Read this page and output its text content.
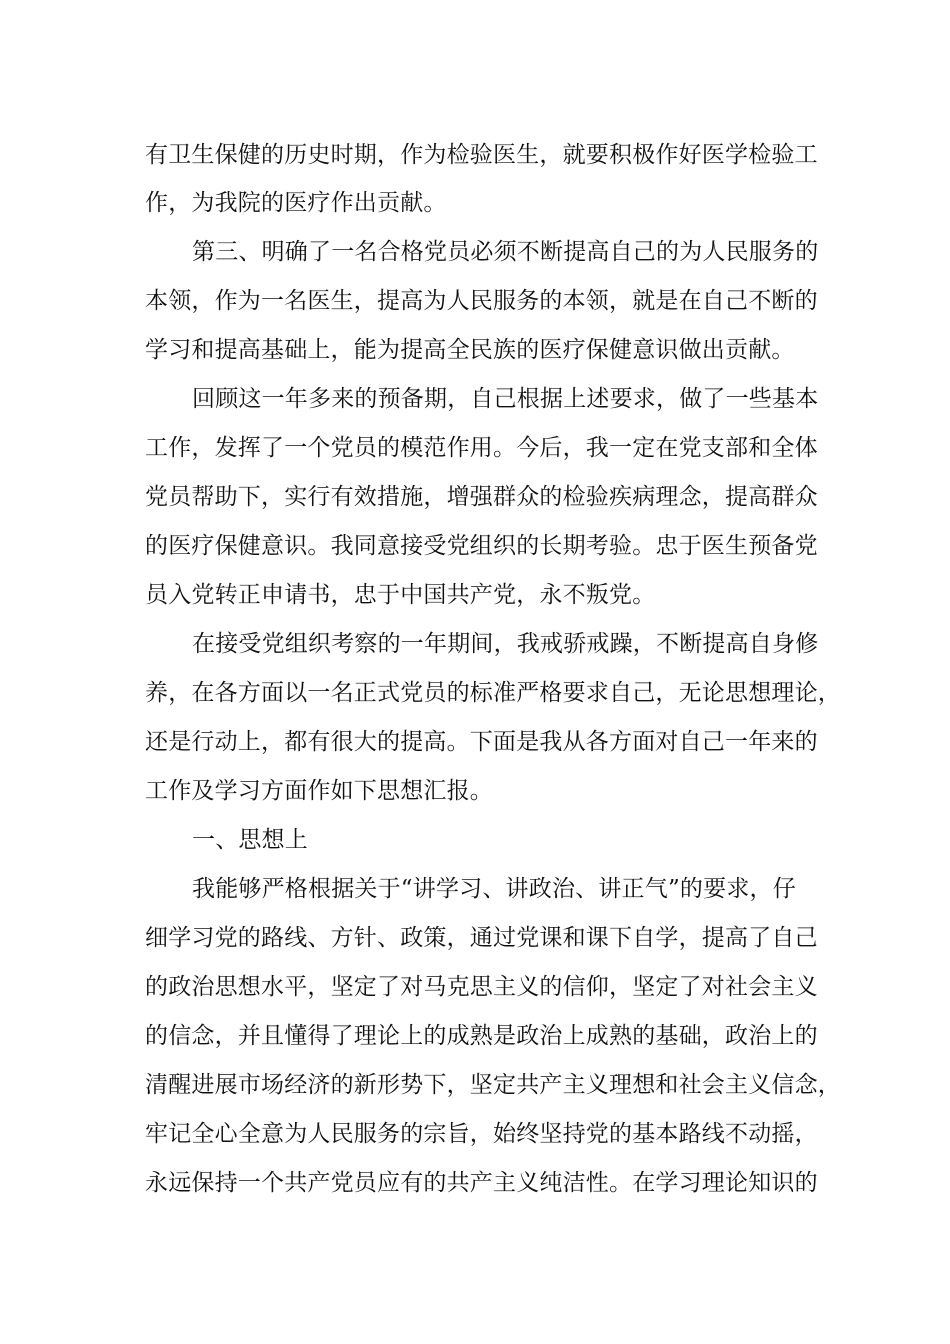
有卫生保健的历史时期，作为检验医生，就要积极作好医学检验工
作，为我院的医疗作出贡献。
第三、明确了一名合格党员必须不断提高自己的为人民服务的
本领，作为一名医生，提高为人民服务的本领，就是在自己不断的
学习和提高基础上，能为提高全民族的医疗保健意识做出贡献。
回顾这一年多来的预备期，自己根据上述要求，做了一些基本
工作，发挥了一个党员的模范作用。今后，我一定在党支部和全体
党员帮助下，实行有效措施，增强群众的检验疾病理念，提高群众
的医疗保健意识。我同意接受党组织的长期考验。忠于医生预备党
员入党转正申请书，忠于中国共产党，永不叛党。
在接受党组织考察的一年期间，我戒骄戒躁，不断提高自身修
养，在各方面以一名正式党员的标准严格要求自己，无论思想理论，
还是行动上，都有很大的提高。下面是我从各方面对自己一年来的
工作及学习方面作如下思想汇报。
一、思想上
我能够严格根据关于“讲学习、讲政治、讲正气”的要求，仔
细学习党的路线、方针、政策，通过党课和课下自学，提高了自己
的政治思想水平，坚定了对马克思主义的信仰，坚定了对社会主义
的信念，并且懂得了理论上的成熟是政治上成熟的基础，政治上的
清醒进展市场经济的新形势下，坚定共产主义理想和社会主义信念，
牢记全心全意为人民服务的宗旨，始终坚持党的基本路线不动摇，
永远保持一个共产党员应有的共产主义纯洁性。在学习理论知识的
